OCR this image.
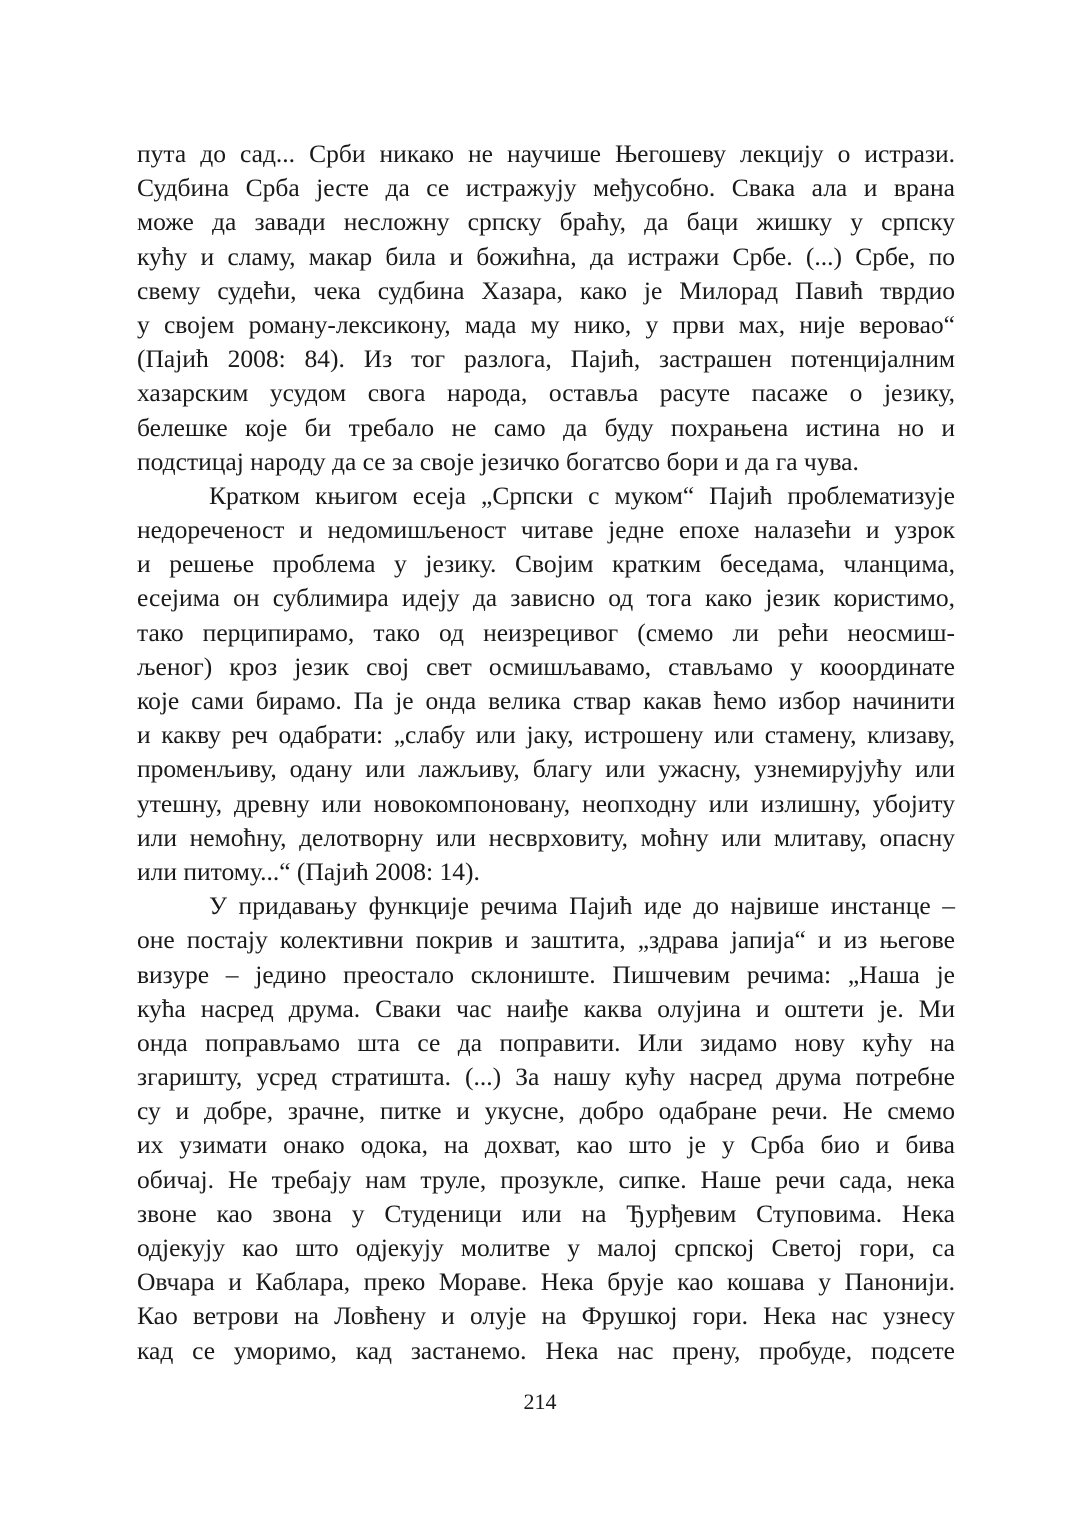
пута до сад... Срби никако не научише Његошеву лекцију о истрази.
Судбина Срба јесте да се истражују међусобно. Свака ала и врана
може да завади несложну српску браћу, да баци жишку у српску
кућу и сламу, макар била и божићна, да истражи Србе. (...) Србе, по
свему судећи, чека судбина Хазара, како је Милорад Павић тврдио
у својем роману-лексикону, мада му нико, у први мах, није веровао“
(Пајић 2008: 84). Из тог разлога, Пајић, застрашен потенцијалним
хазарским усудом свога народа, оставља расуте пасаже о језику,
белешке које би требало не само да буду похрањена истина но и
подстицај народу да се за своје језичко богатсво бори и да га чува.
Кратком књигом есеја „Српски с муком“ Пајић проблематизује
недореченост и недомишљеност читаве једне епохе налазећи и узрок
и решење проблема у језику. Својим кратким беседама, чланцима,
есејима он сублимира идеју да зависно од тога како језик користимо,
тако перципирамо, тако од неизрецивог (смемо ли рећи неосмиш-
љеног) кроз језик свој свет осмишљавамо, стављамо у кооординате
које сами бирамо. Па је онда велика ствар какав ћемо избор начинити
и какву реч одабрати: „слабу или јаку, истрошену или стамену, клизаву,
променљиву, одану или лажљиву, благу или ужасну, узнемирујућу или
утешну, древну или новокомпоновану, неопходну или излишну, убојиту
или немоћну, делотворну или несврховиту, моћну или млитаву, опасну
или питому...“ (Пајић 2008: 14).
У придавању функције речима Пајић иде до највише инстанце –
оне постају колективни покрив и заштита, „здрава јапија“ и из његове
визуре – једино преостало склониште. Пишчевим речима: „Наша је
кућа насред друма. Сваки час наиђе каква олујина и оштети је. Ми
онда поправљамо шта се да поправити. Или зидамо нову кућу на
згаришту, усред стратишта. (...) За нашу кућу насред друма потребне
су и добре, зрачне, питке и укусне, добро одабране речи. Не смемо
их узимати онако одока, на дохват, као што је у Срба био и бива
обичај. Не требају нам труле, прозукле, сипке. Наше речи сада, нека
звоне као звона у Студеници или на Ђурђевим Ступовима. Нека
одјекују као што одјекују молитве у малој српској Светој гори, са
Овчара и Каблара, преко Мораве. Нека брује као кошава у Панонији.
Као ветрови на Ловћену и олује на Фрушкој гори. Нека нас узнесу
кад се уморимо, кад застанемо. Нека нас прену, пробуде, подсете
214
